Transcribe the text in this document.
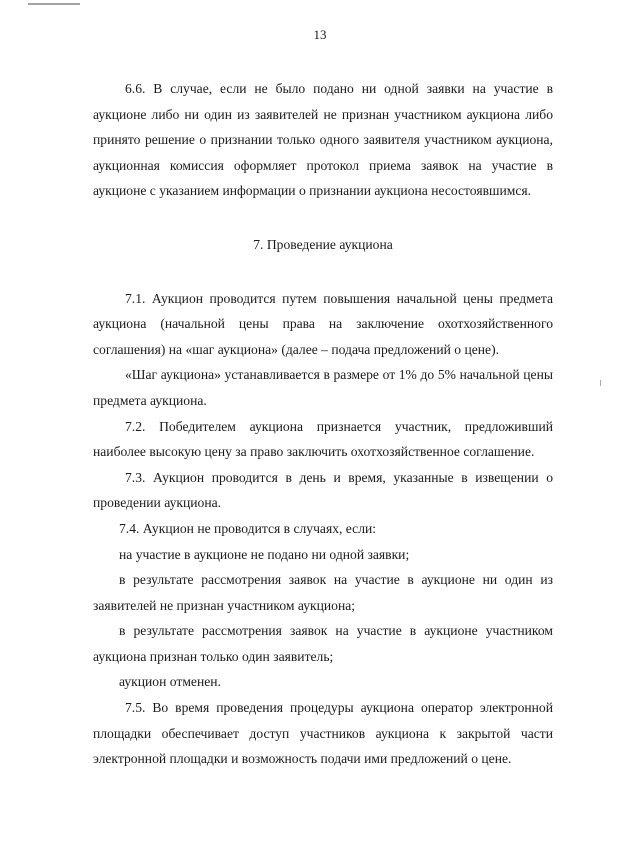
13

6.6. В случае, если не было подано ни одной заявки на участие в аукционе либо ни один из заявителей не признан участником аукциона либо принято решение о признании только одного заявителя участником аукциона, аукционная комиссия оформляет протокол приема заявок на участие в аукционе с указанием информации о признании аукциона несостоявшимся.

7. Проведение аукциона

7.1. Аукцион проводится путем повышения начальной цены предмета аукциона (начальной цены права на заключение охотхозяйственного соглашения) на «шаг аукциона» (далее – подача предложений о цене).

«Шаг аукциона» устанавливается в размере от 1% до 5% начальной цены предмета аукциона.

7.2. Победителем аукциона признается участник, предложивший наиболее высокую цену за право заключить охотхозяйственное соглашение.

7.3. Аукцион проводится в день и время, указанные в извещении о проведении аукциона.

7.4. Аукцион не проводится в случаях, если:

на участие в аукционе не подано ни одной заявки;

в результате рассмотрения заявок на участие в аукционе ни один из заявителей не признан участником аукциона;

в результате рассмотрения заявок на участие в аукционе участником аукциона признан только один заявитель;

аукцион отменен.

7.5. Во время проведения процедуры аукциона оператор электронной площадки обеспечивает доступ участников аукциона к закрытой части электронной площадки и возможность подачи ими предложений о цене.
